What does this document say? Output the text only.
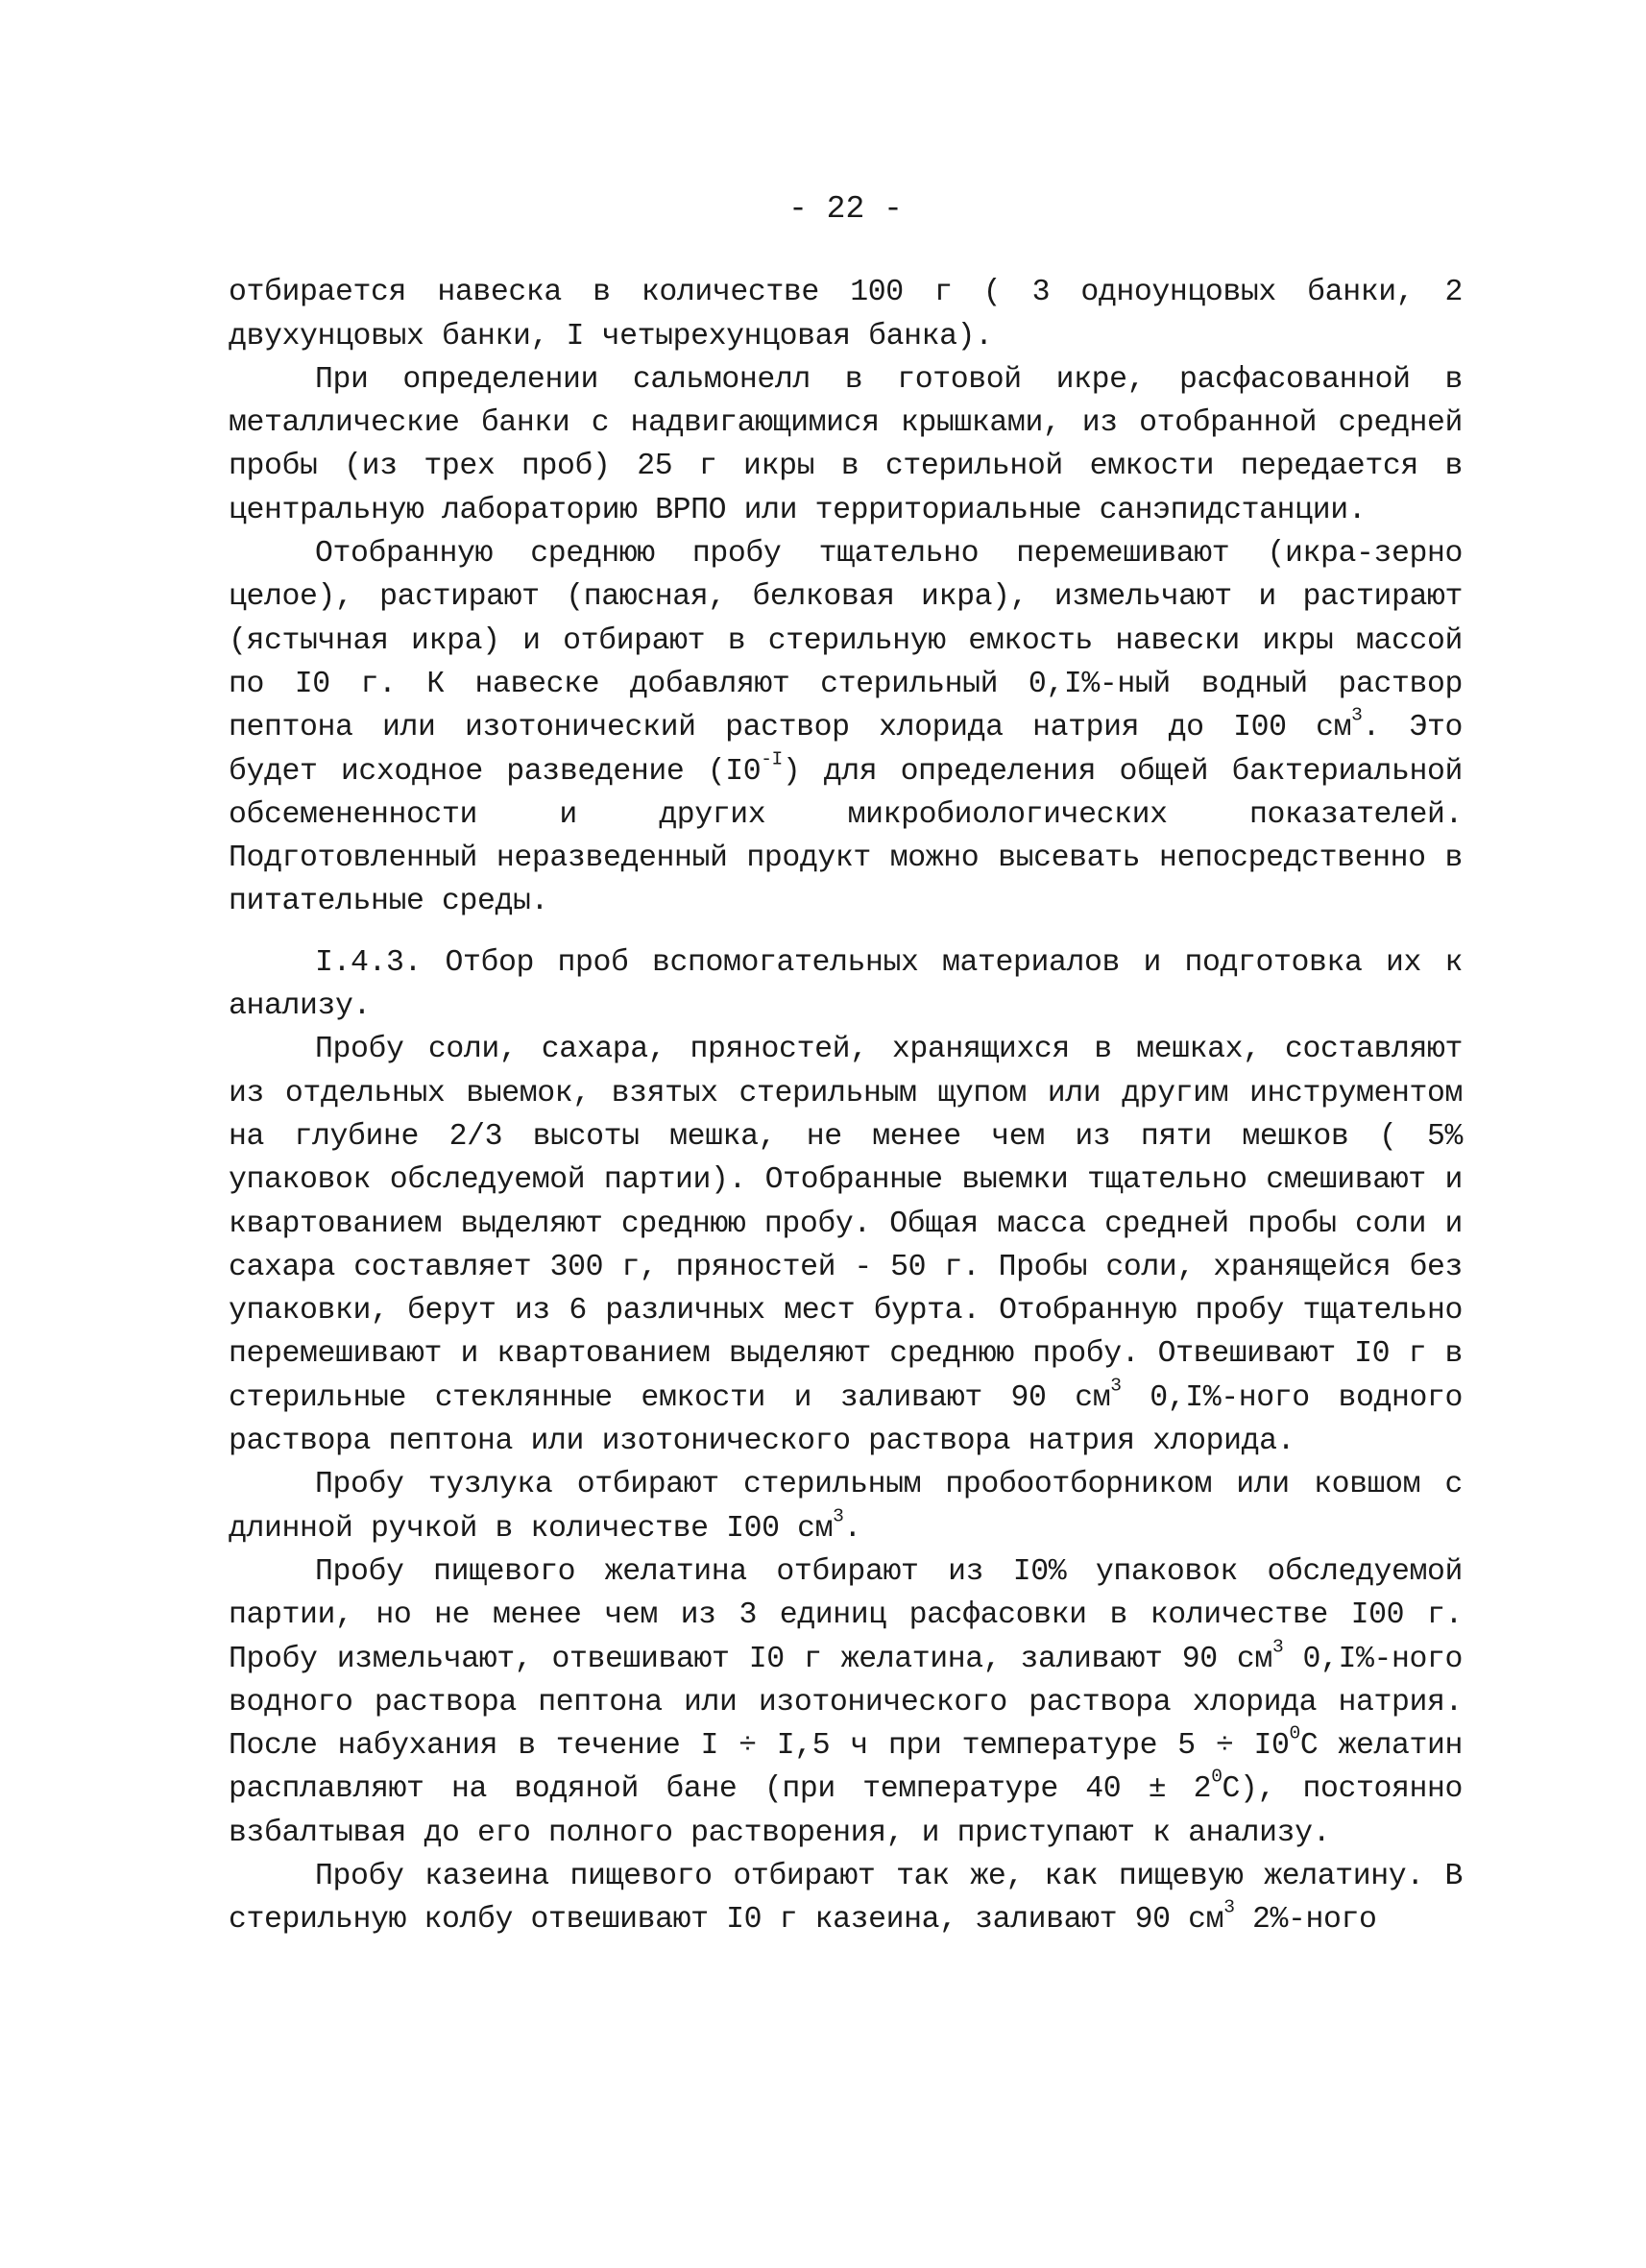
- 22 -

отбирается навеска в количестве 100 г ( 3 одноунцовых банки, 2 двухунцовых банки, I четырехунцовая банка).

При определении сальмонелл в готовой икре, расфасованной в металлические банки с надвигающимися крышками, из отобранной средней пробы (из трех проб) 25 г икры в стерильной емкости передается в центральную лабораторию ВРПО или территориальные санэпидстанции.

Отобранную среднюю пробу тщательно перемешивают (икра-зерно целое), растирают (паюсная, белковая икра), измельчают и растирают (ястычная икра) и отбирают в стерильную емкость навески икры массой по I0 г. К навеске добавляют стерильный 0,I%-ный водный раствор пептона или изотонический раствор хлорида натрия до I00 $см^3$. Это будет исходное разведение $(I0^{-I})$ для определения общей бактериальной обсемененности и других микробиологических показателей. Подготовленный неразведенный продукт можно высевать непосредственно в питательные среды.

I.4.3. Отбор проб вспомогательных материалов и подготовка их к анализу.

Пробу соли, сахара, пряностей, хранящихся в мешках, составляют из отдельных выемок, взятых стерильным щупом или другим инструментом на глубине 2/3 высоты мешка, не менее чем из пяти мешков ( 5% упаковок обследуемой партии). Отобранные выемки тщательно смешивают и квартованием выделяют среднюю пробу. Общая масса средней пробы соли и сахара составляет 300 г, пряностей - 50 г. Пробы соли, хранящейся без упаковки, берут из 6 различных мест бурта. Отобранную пробу тщательно перемешивают и квартованием выделяют среднюю пробу. Отвешивают I0 г в стерильные стеклянные емкости и заливают 90 $см^3$ 0,I%-ного водного раствора пептона или изотонического раствора натрия хлорида.

Пробу тузлука отбирают стерильным пробоотборником или ковшом с длинной ручкой в количестве I00 $см^3$.

Пробу пищевого желатина отбирают из I0% упаковок обследуемой партии, но не менее чем из 3 единиц расфасовки в количестве I00 г. Пробу измельчают, отвешивают I0 г желатина, заливают 90 $см^3$ 0,I%-ного водного раствора пептона или изотонического раствора хлорида натрия. После набухания в течение I ÷ I,5 ч при температуре $5 \div I0^0С$ желатин расплавляют на водяной бане (при температуре $40 \pm 2^0С$), постоянно взбалтывая до его полного растворения, и приступают к анализу.

Пробу казеина пищевого отбирают так же, как пищевую желатину. В стерильную колбу отвешивают I0 г казеина, заливают 90 $см^3$ 2%-ного
